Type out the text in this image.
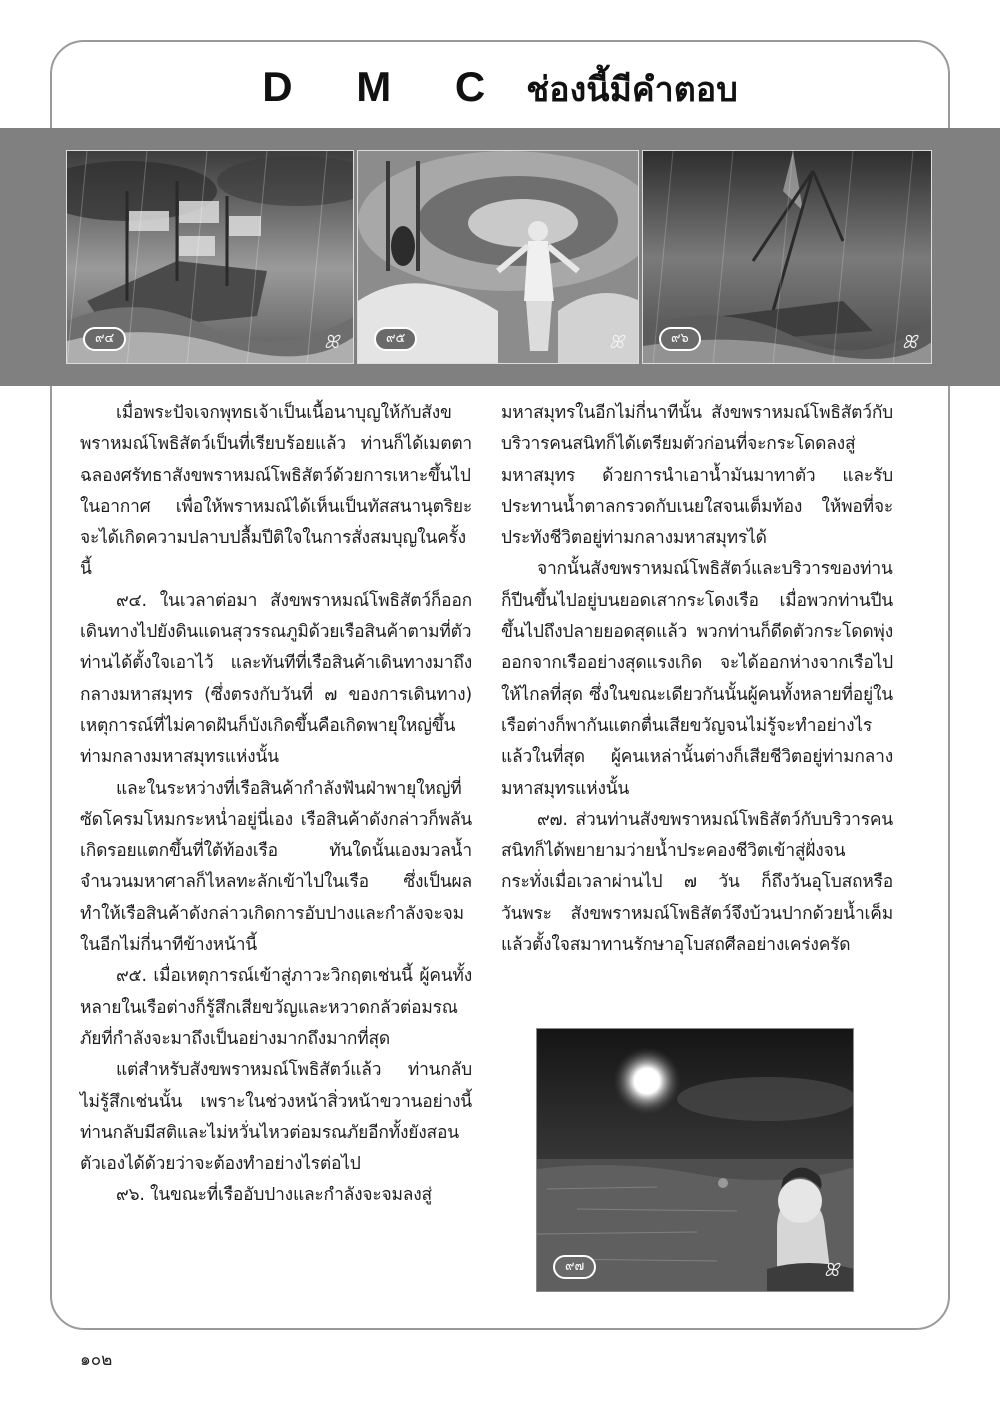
D M C ช่องนี้มีคำตอบ
๙๔	ꕤ	๙๕	ꕤ	๙๖	ꕤ

เมื่อพระปัจเจกพุทธเจ้าเป็นเนื้อนาบุญให้กับสังขพราหมณ์โพธิสัตว์เป็นที่เรียบร้อยแล้ว ท่านก็ได้เมตตาฉลองศรัทธาสังขพราหมณ์โพธิสัตว์ด้วยการเหาะขึ้นไปในอากาศ เพื่อให้พราหมณ์ได้เห็นเป็นทัสสนานุตริยะ จะได้เกิดความปลาบปลื้มปีติใจในการสั่งสมบุญในครั้งนี้

๙๔. ในเวลาต่อมา สังขพราหมณ์โพธิสัตว์ก็ออกเดินทางไปยังดินแดนสุวรรณภูมิด้วยเรือสินค้าตามที่ตัวท่านได้ตั้งใจเอาไว้ และทันทีที่เรือสินค้าเดินทางมาถึงกลางมหาสมุทร (ซึ่งตรงกับวันที่ ๗ ของการเดินทาง) เหตุการณ์ที่ไม่คาดฝันก็บังเกิดขึ้นคือเกิดพายุใหญ่ขึ้นท่ามกลางมหาสมุทรแห่งนั้น

และในระหว่างที่เรือสินค้ากำลังฟันฝ่าพายุใหญ่ที่ซัดโครมโหมกระหน่ำอยู่นี่เอง เรือสินค้าดังกล่าวก็พลันเกิดรอยแตกขึ้นที่ใต้ท้องเรือ ทันใดนั้นเองมวลน้ำจำนวนมหาศาลก็ไหลทะลักเข้าไปในเรือ ซึ่งเป็นผลทำให้เรือสินค้าดังกล่าวเกิดการอับปางและกำลังจะจมในอีกไม่กี่นาทีข้างหน้านี้

๙๕. เมื่อเหตุการณ์เข้าสู่ภาวะวิกฤตเช่นนี้ ผู้คนทั้งหลายในเรือต่างก็รู้สึกเสียขวัญและหวาดกลัวต่อมรณภัยที่กำลังจะมาถึงเป็นอย่างมากถึงมากที่สุด

แต่สำหรับสังขพราหมณ์โพธิสัตว์แล้ว ท่านกลับไม่รู้สึกเช่นนั้น เพราะในช่วงหน้าสิ่วหน้าขวานอย่างนี้ ท่านกลับมีสติและไม่หวั่นไหวต่อมรณภัยอีกทั้งยังสอนตัวเองได้ด้วยว่าจะต้องทำอย่างไรต่อไป

๙๖. ในขณะที่เรืออับปางและกำลังจะจมลงสู่

มหาสมุทรในอีกไม่กี่นาทีนั้น สังขพราหมณ์โพธิสัตว์กับบริวารคนสนิทก็ได้เตรียมตัวก่อนที่จะกระโดดลงสู่มหาสมุทร ด้วยการนำเอาน้ำมันมาทาตัว และรับประทานน้ำตาลกรวดกับเนยใสจนเต็มท้อง ให้พอที่จะประทังชีวิตอยู่ท่ามกลางมหาสมุทรได้

จากนั้นสังขพราหมณ์โพธิสัตว์และบริวารของท่านก็ปีนขึ้นไปอยู่บนยอดเสากระโดงเรือ เมื่อพวกท่านปีนขึ้นไปถึงปลายยอดสุดแล้ว พวกท่านก็ดีดตัวกระโดดพุ่งออกจากเรืออย่างสุดแรงเกิด จะได้ออกห่างจากเรือไปให้ไกลที่สุด ซึ่งในขณะเดียวกันนั้นผู้คนทั้งหลายที่อยู่ในเรือต่างก็พากันแตกตื่นเสียขวัญจนไม่รู้จะทำอย่างไร แล้วในที่สุด ผู้คนเหล่านั้นต่างก็เสียชีวิตอยู่ท่ามกลางมหาสมุทรแห่งนั้น

๙๗. ส่วนท่านสังขพราหมณ์โพธิสัตว์กับบริวารคนสนิทก็ได้พยายามว่ายน้ำประคองชีวิตเข้าสู่ฝั่งจนกระทั่งเมื่อเวลาผ่านไป ๗ วัน ก็ถึงวันอุโบสถหรือวันพระ สังขพราหมณ์โพธิสัตว์จึงบ้วนปากด้วยน้ำเค็มแล้วตั้งใจสมาทานรักษาอุโบสถศีลอย่างเคร่งครัด

๙๗	ꕤ
๑๐๒
